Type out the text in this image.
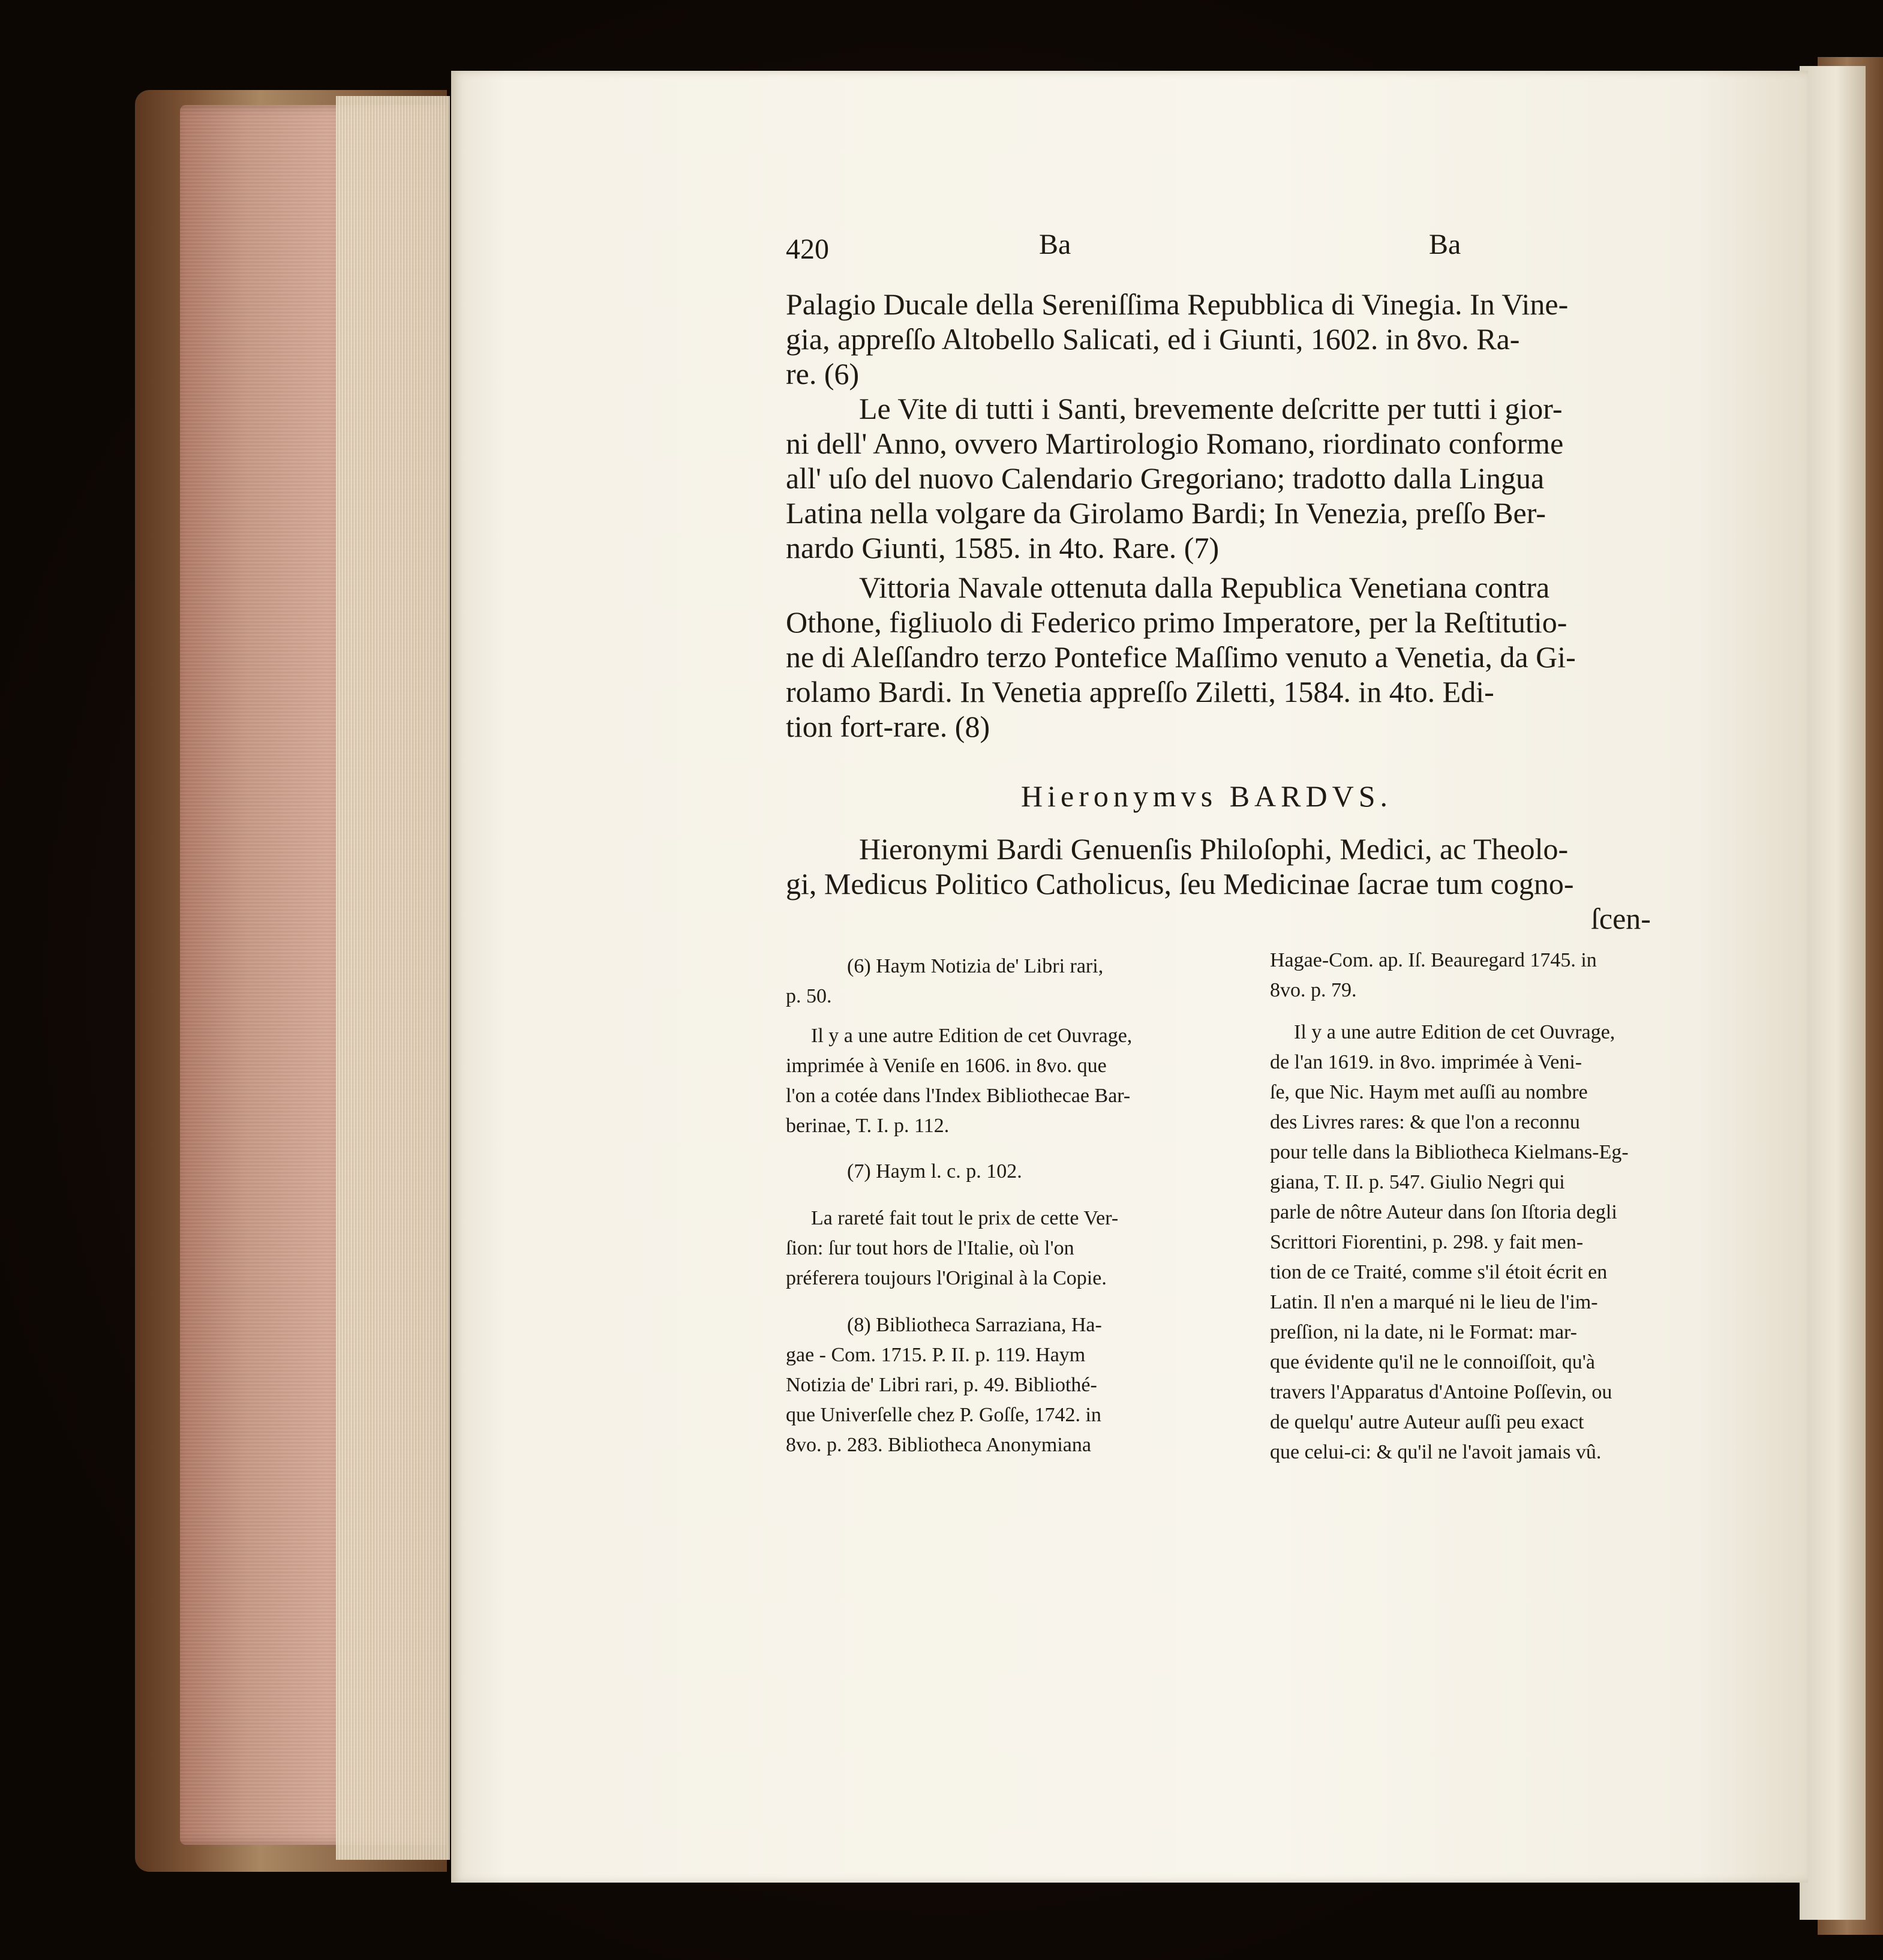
420	Ba	Ba
Palagio Ducale della Sereniſſima Repubblica di Vinegia. In Vine-
gia, appreſſo Altobello Salicati, ed i Giunti, 1602. in 8vo. Ra-
re. (6)
Le Vite di tutti i Santi, brevemente deſcritte per tutti i gior-
ni dell' Anno, ovvero Martirologio Romano, riordinato conforme
all' uſo del nuovo Calendario Gregoriano; tradotto dalla Lingua
Latina nella volgare da Girolamo Bardi; In Venezia, preſſo Ber-
nardo Giunti, 1585. in 4to. Rare. (7)
Vittoria Navale ottenuta dalla Republica Venetiana contra
Othone, figliuolo di Federico primo Imperatore, per la Reſtitutio-
ne di Aleſſandro terzo Pontefice Maſſimo venuto a Venetia, da Gi-
rolamo Bardi. In Venetia appreſſo Ziletti, 1584. in 4to. Edi-
tion fort-rare. (8)
Hieronymvs BARDVS.
Hieronymi Bardi Genuenſis Philoſophi, Medici, ac Theolo-
gi, Medicus Politico Catholicus, ſeu Medicinae ſacrae tum cogno-
ſcen-
(6) Haym Notizia de' Libri rari,
p. 50.
Il y a une autre Edition de cet Ouvrage,
imprimée à Veniſe en 1606. in 8vo. que
l'on a cotée dans l'Index Bibliothecae Bar-
berinae, T. I. p. 112.
(7) Haym l. c. p. 102.
La rareté fait tout le prix de cette Ver-
ſion: ſur tout hors de l'Italie, où l'on
préferera toujours l'Original à la Copie.
(8) Bibliotheca Sarraziana, Ha-
gae - Com. 1715. P. II. p. 119. Haym
Notizia de' Libri rari, p. 49. Bibliothé-
que Univerſelle chez P. Goſſe, 1742. in
8vo. p. 283. Bibliotheca Anonymiana
Hagae-Com. ap. Iſ. Beauregard 1745. in
8vo. p. 79.
Il y a une autre Edition de cet Ouvrage,
de l'an 1619. in 8vo. imprimée à Veni-
ſe, que Nic. Haym met auſſi au nombre
des Livres rares: & que l'on a reconnu
pour telle dans la Bibliotheca Kielmans-Eg-
giana, T. II. p. 547. Giulio Negri qui
parle de nôtre Auteur dans ſon Iſtoria degli
Scrittori Fiorentini, p. 298. y fait men-
tion de ce Traité, comme s'il étoit écrit en
Latin. Il n'en a marqué ni le lieu de l'im-
preſſion, ni la date, ni le Format: mar-
que évidente qu'il ne le connoiſſoit, qu'à
travers l'Apparatus d'Antoine Poſſevin, ou
de quelqu' autre Auteur auſſi peu exact
que celui-ci: & qu'il ne l'avoit jamais vû.
